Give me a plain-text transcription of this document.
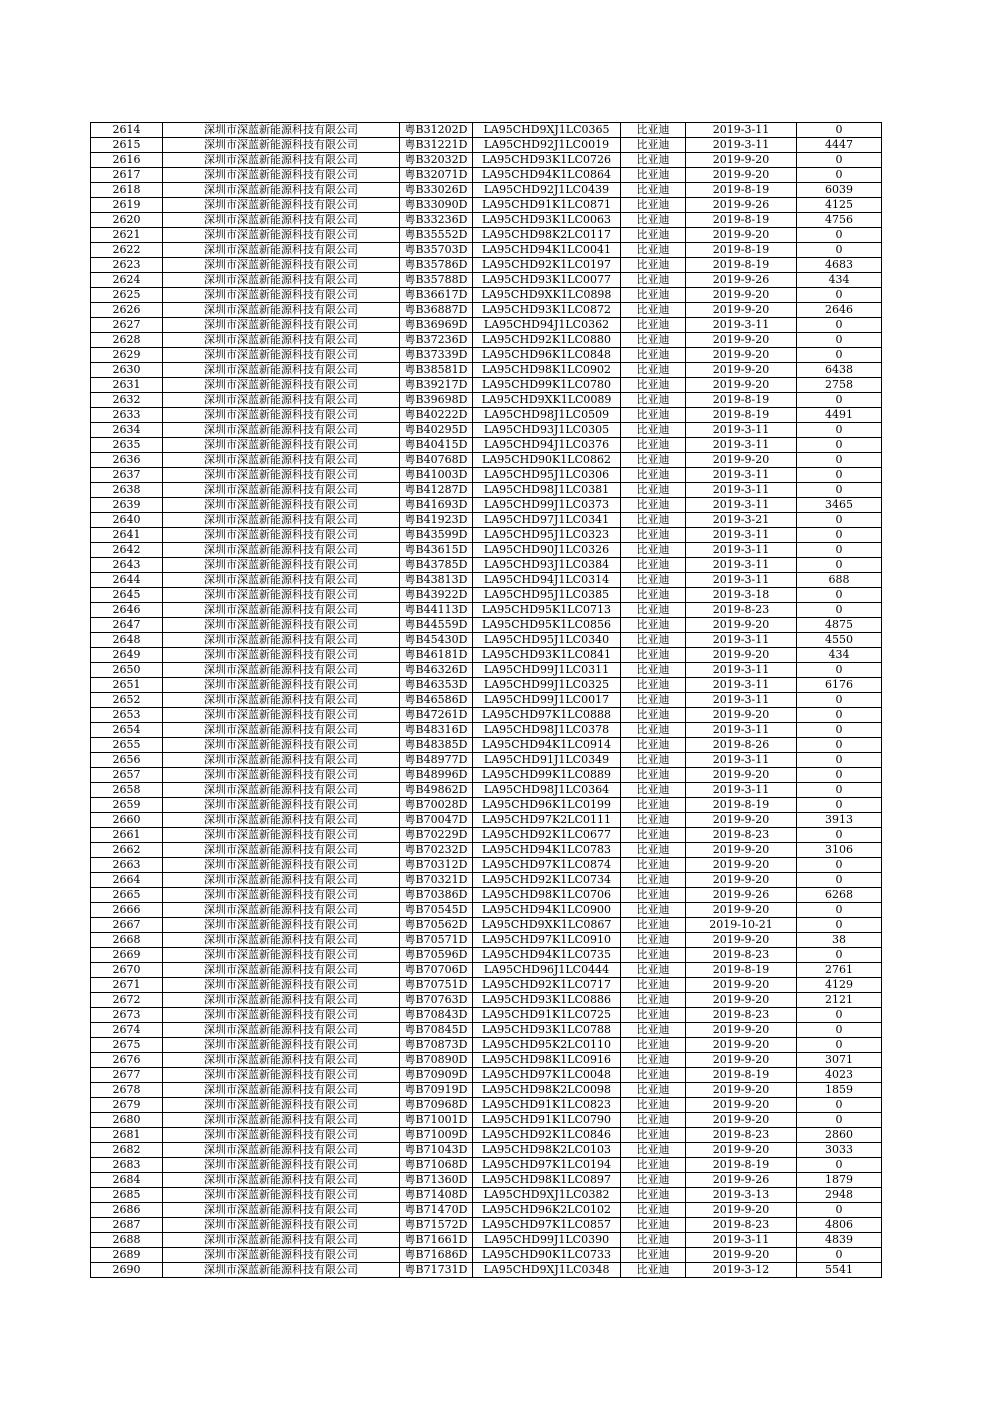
2614	深圳市深蓝新能源科技有限公司	粤B31202D	LA95CHD9XJ1LC0365	比亚迪	2019-3-11	0
2615	深圳市深蓝新能源科技有限公司	粤B31221D	LA95CHD92J1LC0019	比亚迪	2019-3-11	4447
2616	深圳市深蓝新能源科技有限公司	粤B32032D	LA95CHD93K1LC0726	比亚迪	2019-9-20	0
2617	深圳市深蓝新能源科技有限公司	粤B32071D	LA95CHD94K1LC0864	比亚迪	2019-9-20	0
2618	深圳市深蓝新能源科技有限公司	粤B33026D	LA95CHD92J1LC0439	比亚迪	2019-8-19	6039
2619	深圳市深蓝新能源科技有限公司	粤B33090D	LA95CHD91K1LC0871	比亚迪	2019-9-26	4125
2620	深圳市深蓝新能源科技有限公司	粤B33236D	LA95CHD93K1LC0063	比亚迪	2019-8-19	4756
2621	深圳市深蓝新能源科技有限公司	粤B35552D	LA95CHD98K2LC0117	比亚迪	2019-9-20	0
2622	深圳市深蓝新能源科技有限公司	粤B35703D	LA95CHD94K1LC0041	比亚迪	2019-8-19	0
2623	深圳市深蓝新能源科技有限公司	粤B35786D	LA95CHD92K1LC0197	比亚迪	2019-8-19	4683
2624	深圳市深蓝新能源科技有限公司	粤B35788D	LA95CHD93K1LC0077	比亚迪	2019-9-26	434
2625	深圳市深蓝新能源科技有限公司	粤B36617D	LA95CHD9XK1LC0898	比亚迪	2019-9-20	0
2626	深圳市深蓝新能源科技有限公司	粤B36887D	LA95CHD93K1LC0872	比亚迪	2019-9-20	2646
2627	深圳市深蓝新能源科技有限公司	粤B36969D	LA95CHD94J1LC0362	比亚迪	2019-3-11	0
2628	深圳市深蓝新能源科技有限公司	粤B37236D	LA95CHD92K1LC0880	比亚迪	2019-9-20	0
2629	深圳市深蓝新能源科技有限公司	粤B37339D	LA95CHD96K1LC0848	比亚迪	2019-9-20	0
2630	深圳市深蓝新能源科技有限公司	粤B38581D	LA95CHD98K1LC0902	比亚迪	2019-9-20	6438
2631	深圳市深蓝新能源科技有限公司	粤B39217D	LA95CHD99K1LC0780	比亚迪	2019-9-20	2758
2632	深圳市深蓝新能源科技有限公司	粤B39698D	LA95CHD9XK1LC0089	比亚迪	2019-8-19	0
2633	深圳市深蓝新能源科技有限公司	粤B40222D	LA95CHD98J1LC0509	比亚迪	2019-8-19	4491
2634	深圳市深蓝新能源科技有限公司	粤B40295D	LA95CHD93J1LC0305	比亚迪	2019-3-11	0
2635	深圳市深蓝新能源科技有限公司	粤B40415D	LA95CHD94J1LC0376	比亚迪	2019-3-11	0
2636	深圳市深蓝新能源科技有限公司	粤B40768D	LA95CHD90K1LC0862	比亚迪	2019-9-20	0
2637	深圳市深蓝新能源科技有限公司	粤B41003D	LA95CHD95J1LC0306	比亚迪	2019-3-11	0
2638	深圳市深蓝新能源科技有限公司	粤B41287D	LA95CHD98J1LC0381	比亚迪	2019-3-11	0
2639	深圳市深蓝新能源科技有限公司	粤B41693D	LA95CHD99J1LC0373	比亚迪	2019-3-11	3465
2640	深圳市深蓝新能源科技有限公司	粤B41923D	LA95CHD97J1LC0341	比亚迪	2019-3-21	0
2641	深圳市深蓝新能源科技有限公司	粤B43599D	LA95CHD95J1LC0323	比亚迪	2019-3-11	0
2642	深圳市深蓝新能源科技有限公司	粤B43615D	LA95CHD90J1LC0326	比亚迪	2019-3-11	0
2643	深圳市深蓝新能源科技有限公司	粤B43785D	LA95CHD93J1LC0384	比亚迪	2019-3-11	0
2644	深圳市深蓝新能源科技有限公司	粤B43813D	LA95CHD94J1LC0314	比亚迪	2019-3-11	688
2645	深圳市深蓝新能源科技有限公司	粤B43922D	LA95CHD95J1LC0385	比亚迪	2019-3-18	0
2646	深圳市深蓝新能源科技有限公司	粤B44113D	LA95CHD95K1LC0713	比亚迪	2019-8-23	0
2647	深圳市深蓝新能源科技有限公司	粤B44559D	LA95CHD95K1LC0856	比亚迪	2019-9-20	4875
2648	深圳市深蓝新能源科技有限公司	粤B45430D	LA95CHD95J1LC0340	比亚迪	2019-3-11	4550
2649	深圳市深蓝新能源科技有限公司	粤B46181D	LA95CHD93K1LC0841	比亚迪	2019-9-20	434
2650	深圳市深蓝新能源科技有限公司	粤B46326D	LA95CHD99J1LC0311	比亚迪	2019-3-11	0
2651	深圳市深蓝新能源科技有限公司	粤B46353D	LA95CHD99J1LC0325	比亚迪	2019-3-11	6176
2652	深圳市深蓝新能源科技有限公司	粤B46586D	LA95CHD99J1LC0017	比亚迪	2019-3-11	0
2653	深圳市深蓝新能源科技有限公司	粤B47261D	LA95CHD97K1LC0888	比亚迪	2019-9-20	0
2654	深圳市深蓝新能源科技有限公司	粤B48316D	LA95CHD98J1LC0378	比亚迪	2019-3-11	0
2655	深圳市深蓝新能源科技有限公司	粤B48385D	LA95CHD94K1LC0914	比亚迪	2019-8-26	0
2656	深圳市深蓝新能源科技有限公司	粤B48977D	LA95CHD91J1LC0349	比亚迪	2019-3-11	0
2657	深圳市深蓝新能源科技有限公司	粤B48996D	LA95CHD99K1LC0889	比亚迪	2019-9-20	0
2658	深圳市深蓝新能源科技有限公司	粤B49862D	LA95CHD98J1LC0364	比亚迪	2019-3-11	0
2659	深圳市深蓝新能源科技有限公司	粤B70028D	LA95CHD96K1LC0199	比亚迪	2019-8-19	0
2660	深圳市深蓝新能源科技有限公司	粤B70047D	LA95CHD97K2LC0111	比亚迪	2019-9-20	3913
2661	深圳市深蓝新能源科技有限公司	粤B70229D	LA95CHD92K1LC0677	比亚迪	2019-8-23	0
2662	深圳市深蓝新能源科技有限公司	粤B70232D	LA95CHD94K1LC0783	比亚迪	2019-9-20	3106
2663	深圳市深蓝新能源科技有限公司	粤B70312D	LA95CHD97K1LC0874	比亚迪	2019-9-20	0
2664	深圳市深蓝新能源科技有限公司	粤B70321D	LA95CHD92K1LC0734	比亚迪	2019-9-20	0
2665	深圳市深蓝新能源科技有限公司	粤B70386D	LA95CHD98K1LC0706	比亚迪	2019-9-26	6268
2666	深圳市深蓝新能源科技有限公司	粤B70545D	LA95CHD94K1LC0900	比亚迪	2019-9-20	0
2667	深圳市深蓝新能源科技有限公司	粤B70562D	LA95CHD9XK1LC0867	比亚迪	2019-10-21	0
2668	深圳市深蓝新能源科技有限公司	粤B70571D	LA95CHD97K1LC0910	比亚迪	2019-9-20	38
2669	深圳市深蓝新能源科技有限公司	粤B70596D	LA95CHD94K1LC0735	比亚迪	2019-8-23	0
2670	深圳市深蓝新能源科技有限公司	粤B70706D	LA95CHD96J1LC0444	比亚迪	2019-8-19	2761
2671	深圳市深蓝新能源科技有限公司	粤B70751D	LA95CHD92K1LC0717	比亚迪	2019-9-20	4129
2672	深圳市深蓝新能源科技有限公司	粤B70763D	LA95CHD93K1LC0886	比亚迪	2019-9-20	2121
2673	深圳市深蓝新能源科技有限公司	粤B70843D	LA95CHD91K1LC0725	比亚迪	2019-8-23	0
2674	深圳市深蓝新能源科技有限公司	粤B70845D	LA95CHD93K1LC0788	比亚迪	2019-9-20	0
2675	深圳市深蓝新能源科技有限公司	粤B70873D	LA95CHD95K2LC0110	比亚迪	2019-9-20	0
2676	深圳市深蓝新能源科技有限公司	粤B70890D	LA95CHD98K1LC0916	比亚迪	2019-9-20	3071
2677	深圳市深蓝新能源科技有限公司	粤B70909D	LA95CHD97K1LC0048	比亚迪	2019-8-19	4023
2678	深圳市深蓝新能源科技有限公司	粤B70919D	LA95CHD98K2LC0098	比亚迪	2019-9-20	1859
2679	深圳市深蓝新能源科技有限公司	粤B70968D	LA95CHD91K1LC0823	比亚迪	2019-9-20	0
2680	深圳市深蓝新能源科技有限公司	粤B71001D	LA95CHD91K1LC0790	比亚迪	2019-9-20	0
2681	深圳市深蓝新能源科技有限公司	粤B71009D	LA95CHD92K1LC0846	比亚迪	2019-8-23	2860
2682	深圳市深蓝新能源科技有限公司	粤B71043D	LA95CHD98K2LC0103	比亚迪	2019-9-20	3033
2683	深圳市深蓝新能源科技有限公司	粤B71068D	LA95CHD97K1LC0194	比亚迪	2019-8-19	0
2684	深圳市深蓝新能源科技有限公司	粤B71360D	LA95CHD98K1LC0897	比亚迪	2019-9-26	1879
2685	深圳市深蓝新能源科技有限公司	粤B71408D	LA95CHD9XJ1LC0382	比亚迪	2019-3-13	2948
2686	深圳市深蓝新能源科技有限公司	粤B71470D	LA95CHD96K2LC0102	比亚迪	2019-9-20	0
2687	深圳市深蓝新能源科技有限公司	粤B71572D	LA95CHD97K1LC0857	比亚迪	2019-8-23	4806
2688	深圳市深蓝新能源科技有限公司	粤B71661D	LA95CHD99J1LC0390	比亚迪	2019-3-11	4839
2689	深圳市深蓝新能源科技有限公司	粤B71686D	LA95CHD90K1LC0733	比亚迪	2019-9-20	0
2690	深圳市深蓝新能源科技有限公司	粤B71731D	LA95CHD9XJ1LC0348	比亚迪	2019-3-12	5541
